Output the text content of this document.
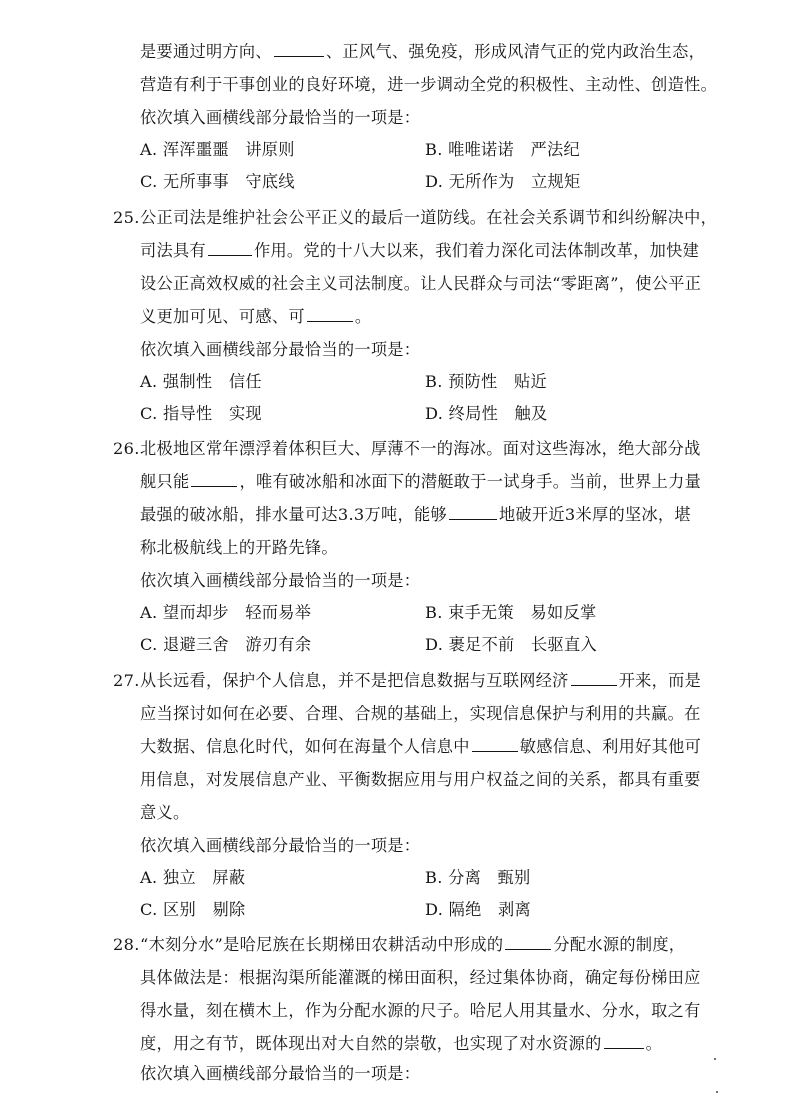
是要通过明方向、	、正风气、强免疫，形成风清气正的党内政治生态，
营造有利于干事创业的良好环境，进一步调动全党的积极性、主动性、创造性。
依次填入画横线部分最恰当的一项是：
A. 浑浑噩噩　讲原则	B. 唯唯诺诺　严法纪
C. 无所事事　守底线	D. 无所作为　立规矩
25.公正司法是维护社会公平正义的最后一道防线。在社会关系调节和纠纷解决中，
司法具有	作用。党的十八大以来，我们着力深化司法体制改革，加快建
设公正高效权威的社会主义司法制度。让人民群众与司法“零距离”，使公平正
义更加可见、可感、可	。
依次填入画横线部分最恰当的一项是：
A. 强制性　信任	B. 预防性　贴近
C. 指导性　实现	D. 终局性　触及
26.北极地区常年漂浮着体积巨大、厚薄不一的海冰。面对这些海冰，绝大部分战
舰只能	，唯有破冰船和冰面下的潜艇敢于一试身手。当前，世界上力量
最强的破冰船，排水量可达3.3万吨，能够	地破开近3米厚的坚冰，堪
称北极航线上的开路先锋。
依次填入画横线部分最恰当的一项是：
A. 望而却步　轻而易举	B. 束手无策　易如反掌
C. 退避三舍　游刃有余	D. 裹足不前　长驱直入
27.从长远看，保护个人信息，并不是把信息数据与互联网经济	开来，而是
应当探讨如何在必要、合理、合规的基础上，实现信息保护与利用的共赢。在
大数据、信息化时代，如何在海量个人信息中	敏感信息、利用好其他可
用信息，对发展信息产业、平衡数据应用与用户权益之间的关系，都具有重要
意义。
依次填入画横线部分最恰当的一项是：
A. 独立　屏蔽	B. 分离　甄别
C. 区别　剔除	D. 隔绝　剥离
28.“木刻分水”是哈尼族在长期梯田农耕活动中形成的	分配水源的制度，
具体做法是：根据沟渠所能灌溉的梯田面积，经过集体协商，确定每份梯田应
得水量，刻在横木上，作为分配水源的尺子。哈尼人用其量水、分水，取之有
度，用之有节，既体现出对大自然的崇敬，也实现了对水资源的	。
依次填入画横线部分最恰当的一项是：
